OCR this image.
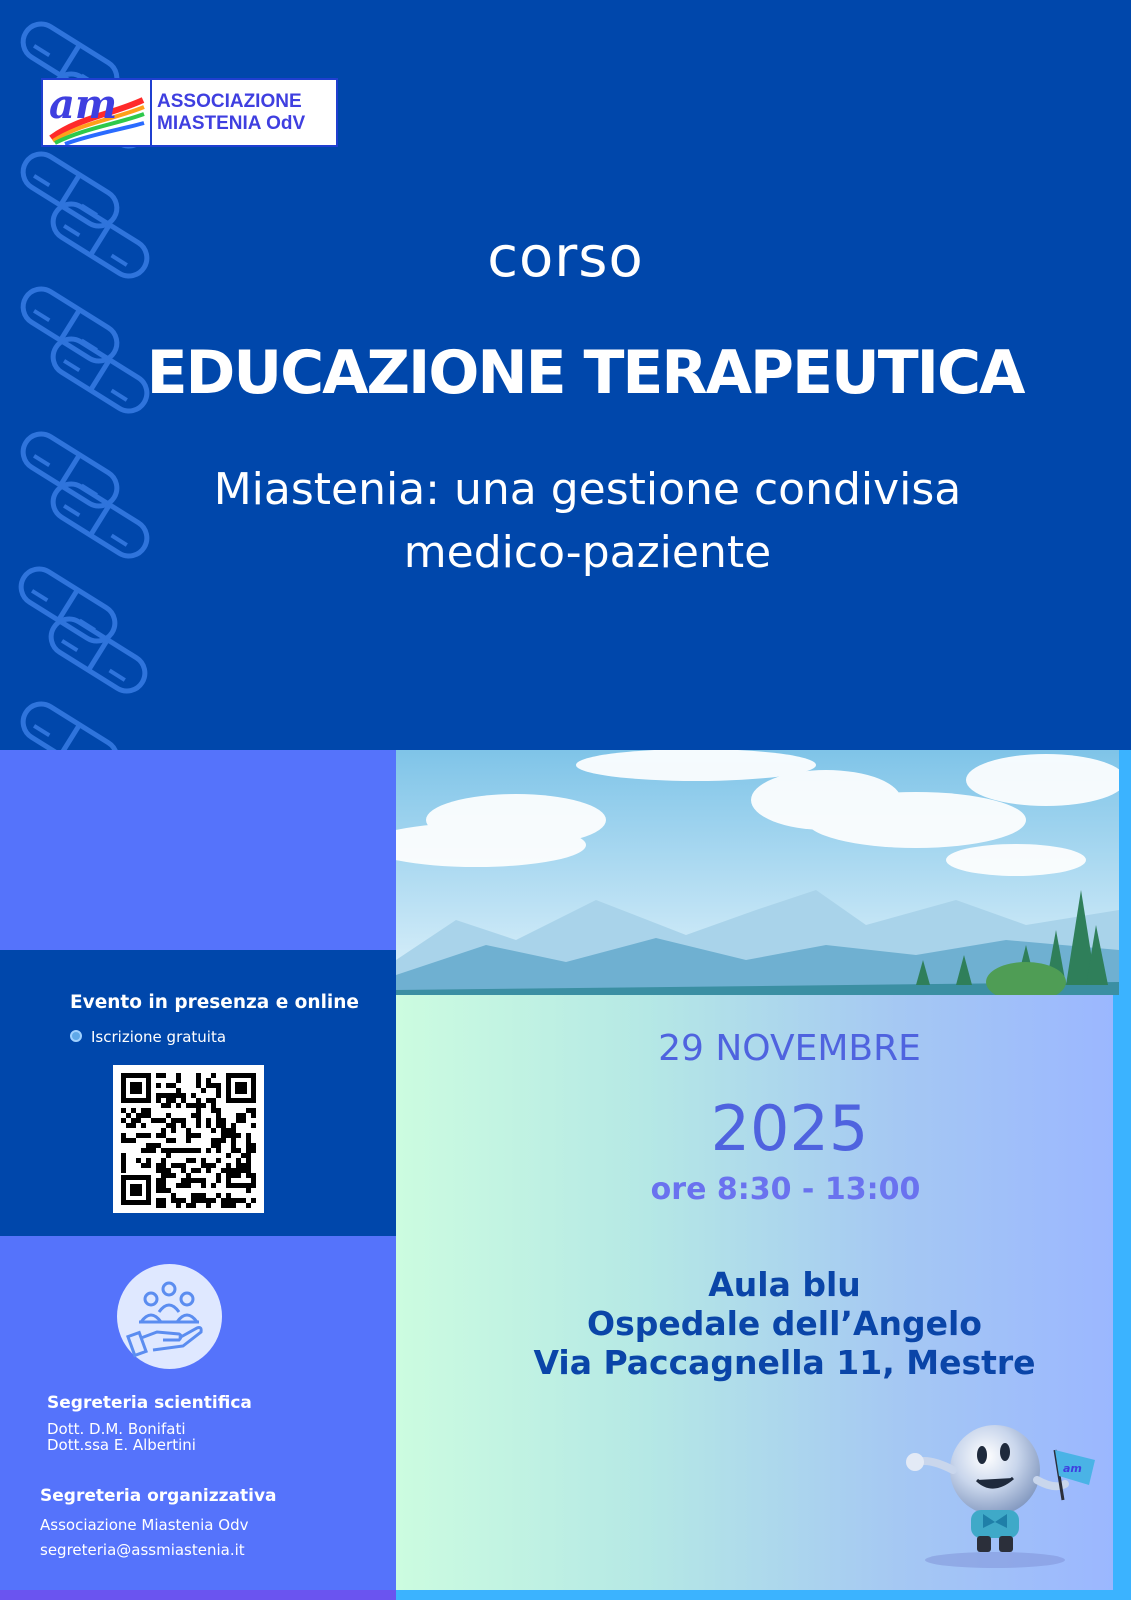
am ASSOCIAZIONE
MIASTENIA OdV
corso
EDUCAZIONE TERAPEUTICA
Miastenia: una gestione condivisa
medico-paziente
Evento in presenza e online
Iscrizione gratuita
Segreteria scientifica
Dott. D.M. Bonifati
Dott.ssa E. Albertini
Segreteria organizzativa
Associazione Miastenia Odv
segreteria@assmiastenia.it
29 NOVEMBRE
2025
ore 8:30 - 13:00
Aula blu
Ospedale dell’Angelo
Via Paccagnella 11, Mestre
am
